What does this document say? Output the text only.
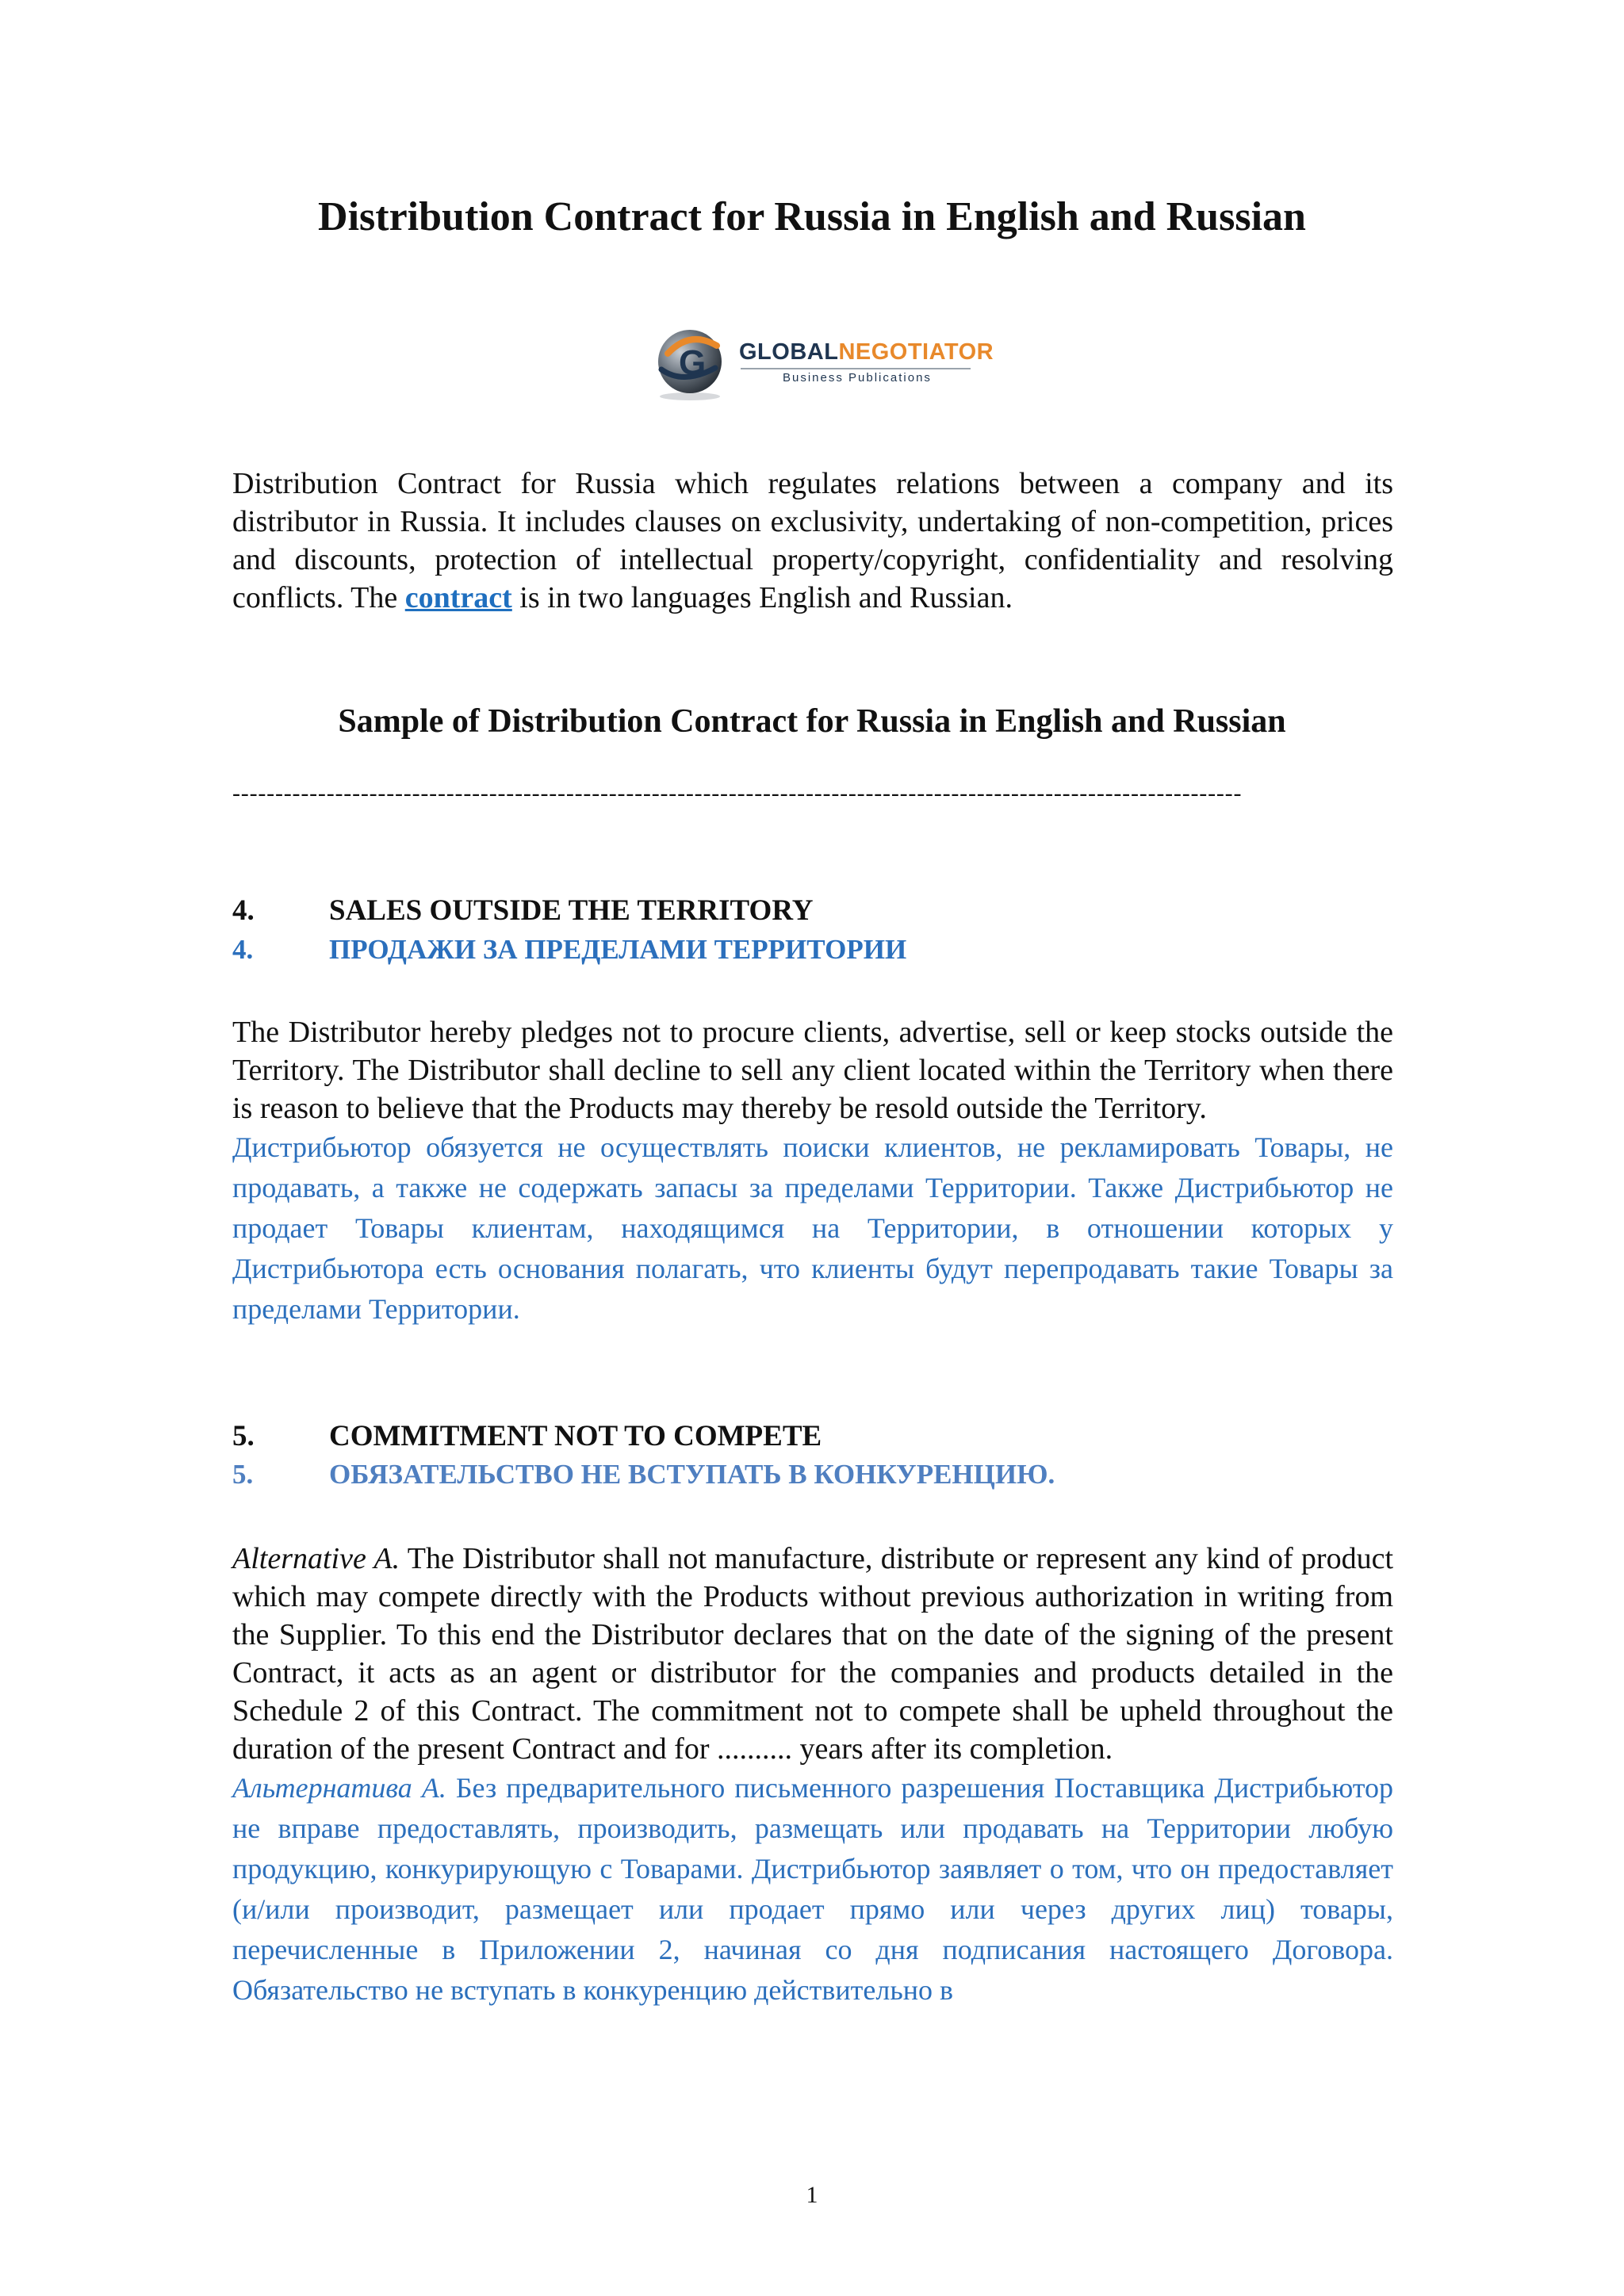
Distribution Contract for Russia in English and Russian
G GLOBALNEGOTIATOR
Business Publications

Distribution Contract for Russia which regulates relations between a company and its distributor in Russia. It includes clauses on exclusivity, undertaking of non-competition, prices and discounts, protection of intellectual property/copyright, confidentiality and resolving conflicts. The contract is in two languages English and Russian.

Sample of Distribution Contract for Russia in English and Russian
----------------------------------------------------------------------------------------------------------------------
4.	SALES OUTSIDE THE TERRITORY
4.	ПРОДАЖИ ЗА ПРЕДЕЛАМИ ТЕРРИТОРИИ

The Distributor hereby pledges not to procure clients, advertise, sell or keep stocks outside the Territory. The Distributor shall decline to sell any client located within the Territory when there is reason to believe that the Products may thereby be resold outside the Territory.

Дистрибьютор обязуется не осуществлять поиски клиентов, не рекламировать Товары, не продавать, а также не содержать запасы за пределами Территории. Также Дистрибьютор не продает Товары клиентам, находящимся на Территории, в отношении которых у Дистрибьютора есть основания полагать, что клиенты будут перепродавать такие Товары за пределами Территории.

5.	COMMITMENT NOT TO COMPETE
5.	ОБЯЗАТЕЛЬСТВО НЕ ВСТУПАТЬ В КОНКУРЕНЦИЮ.

Alternative A. The Distributor shall not manufacture, distribute or represent any kind of product which may compete directly with the Products without previous authorization in writing from the Supplier. To this end the Distributor declares that on the date of the signing of the present Contract, it acts as an agent or distributor for the companies and products detailed in the Schedule 2 of this Contract. The commitment not to compete shall be upheld throughout the duration of the present Contract and for .......... years after its completion.

Альтернатива А. Без предварительного письменного разрешения Поставщика Дистрибьютор не вправе предоставлять, производить, размещать или продавать на Территории любую продукцию, конкурирующую с Товарами. Дистрибьютор заявляет о том, что он предоставляет (и/или производит, размещает или продает прямо или через других лиц) товары, перечисленные в Приложении 2, начиная со дня подписания настоящего Договора. Обязательство не вступать в конкуренцию действительно в

1
